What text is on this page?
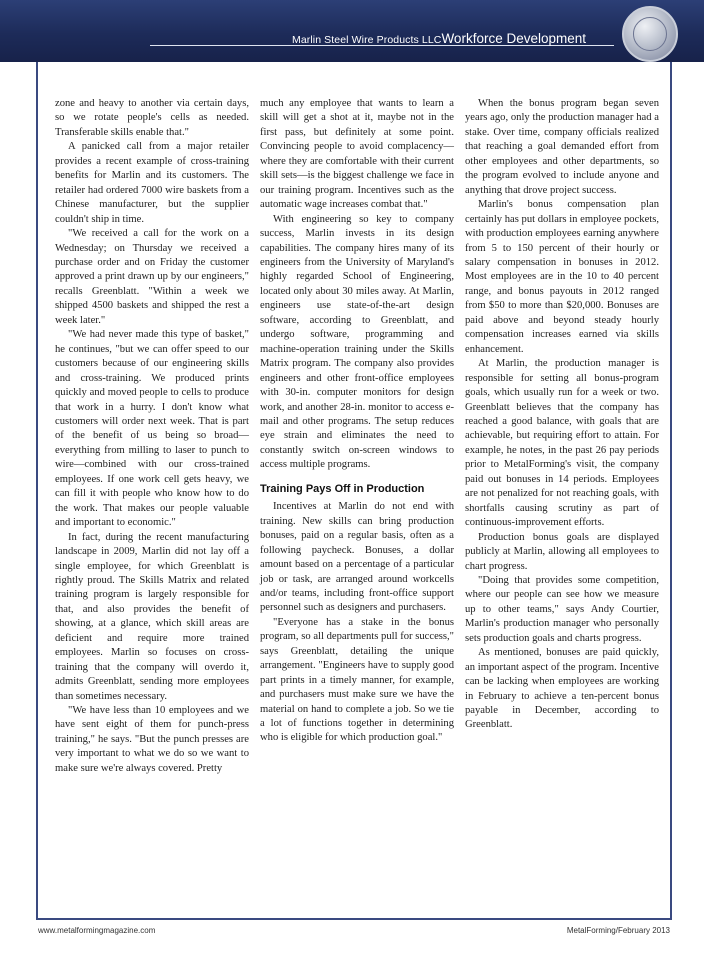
Marlin Steel Wire Products LLCWorkforce Development

zone and heavy to another via certain days, so we rotate people's cells as needed. Transferable skills enable that."

A panicked call from a major retailer provides a recent example of cross-training benefits for Marlin and its customers. The retailer had ordered 7000 wire baskets from a Chinese manufacturer, but the supplier couldn't ship in time.

"We received a call for the work on a Wednesday; on Thursday we received a purchase order and on Friday the customer approved a print drawn up by our engineers," recalls Greenblatt. "Within a week we shipped 4500 baskets and shipped the rest a week later."

"We had never made this type of basket," he continues, "but we can offer speed to our customers because of our engineering skills and cross-training. We produced prints quickly and moved people to cells to produce that work in a hurry. I don't know what customers will order next week. That is part of the benefit of us being so broad—everything from milling to laser to punch to wire—combined with our cross-trained employees. If one work cell gets heavy, we can fill it with people who know how to do the work. That makes our people valuable and important to economic."

In fact, during the recent manufacturing landscape in 2009, Marlin did not lay off a single employee, for which Greenblatt is rightly proud. The Skills Matrix and related training program is largely responsible for that, and also provides the benefit of showing, at a glance, which skill areas are deficient and require more trained employees. Marlin so focuses on cross-training that the company will overdo it, admits Greenblatt, sending more employees than sometimes necessary.

"We have less than 10 employees and we have sent eight of them for punch-press training," he says. "But the punch presses are very important to what we do so we want to make sure we're always covered. Pretty

much any employee that wants to learn a skill will get a shot at it, maybe not in the first pass, but definitely at some point. Convincing people to avoid complacency—where they are comfortable with their current skill sets—is the biggest challenge we face in our training program. Incentives such as the automatic wage increases combat that."

With engineering so key to company success, Marlin invests in its design capabilities. The company hires many of its engineers from the University of Maryland's highly regarded School of Engineering, located only about 30 miles away. At Marlin, engineers use state-of-the-art design software, according to Greenblatt, and undergo software, programming and machine-operation training under the Skills Matrix program. The company also provides engineers and other front-office employees with 30-in. computer monitors for design work, and another 28-in. monitor to access e-mail and other programs. The setup reduces eye strain and eliminates the need to constantly switch on-screen windows to access multiple programs.

Training Pays Off in Production

Incentives at Marlin do not end with training. New skills can bring production bonuses, paid on a regular basis, often as a following paycheck. Bonuses, a dollar amount based on a percentage of a particular job or task, are arranged around workcells and/or teams, including front-office support personnel such as designers and purchasers.

"Everyone has a stake in the bonus program, so all departments pull for success," says Greenblatt, detailing the unique arrangement. "Engineers have to supply good part prints in a timely manner, for example, and purchasers must make sure we have the material on hand to complete a job. So we tie a lot of functions together in determining who is eligible for which production goal."

When the bonus program began seven years ago, only the production manager had a stake. Over time, company officials realized that reaching a goal demanded effort from other employees and other departments, so the program evolved to include anyone and anything that drove project success.

Marlin's bonus compensation plan certainly has put dollars in employee pockets, with production employees earning anywhere from 5 to 150 percent of their hourly or salary compensation in bonuses in 2012. Most employees are in the 10 to 40 percent range, and bonus payouts in 2012 ranged from $50 to more than $20,000. Bonuses are paid above and beyond steady hourly compensation increases earned via skills enhancement.

At Marlin, the production manager is responsible for setting all bonus-program goals, which usually run for a week or two. Greenblatt believes that the company has reached a good balance, with goals that are achievable, but requiring effort to attain. For example, he notes, in the past 26 pay periods prior to MetalForming's visit, the company paid out bonuses in 14 periods. Employees are not penalized for not reaching goals, with shortfalls causing scrutiny as part of continuous-improvement efforts.

Production bonus goals are displayed publicly at Marlin, allowing all employees to chart progress.

"Doing that provides some competition, where our people can see how we measure up to other teams," says Andy Courtier, Marlin's production manager who personally sets production goals and charts progress.

As mentioned, bonuses are paid quickly, an important aspect of the program. Incentive can be lacking when employees are working in February to achieve a ten-percent bonus payable in December, according to Greenblatt.

www.metalformingmagazine.com	MetalForming/February 2013
